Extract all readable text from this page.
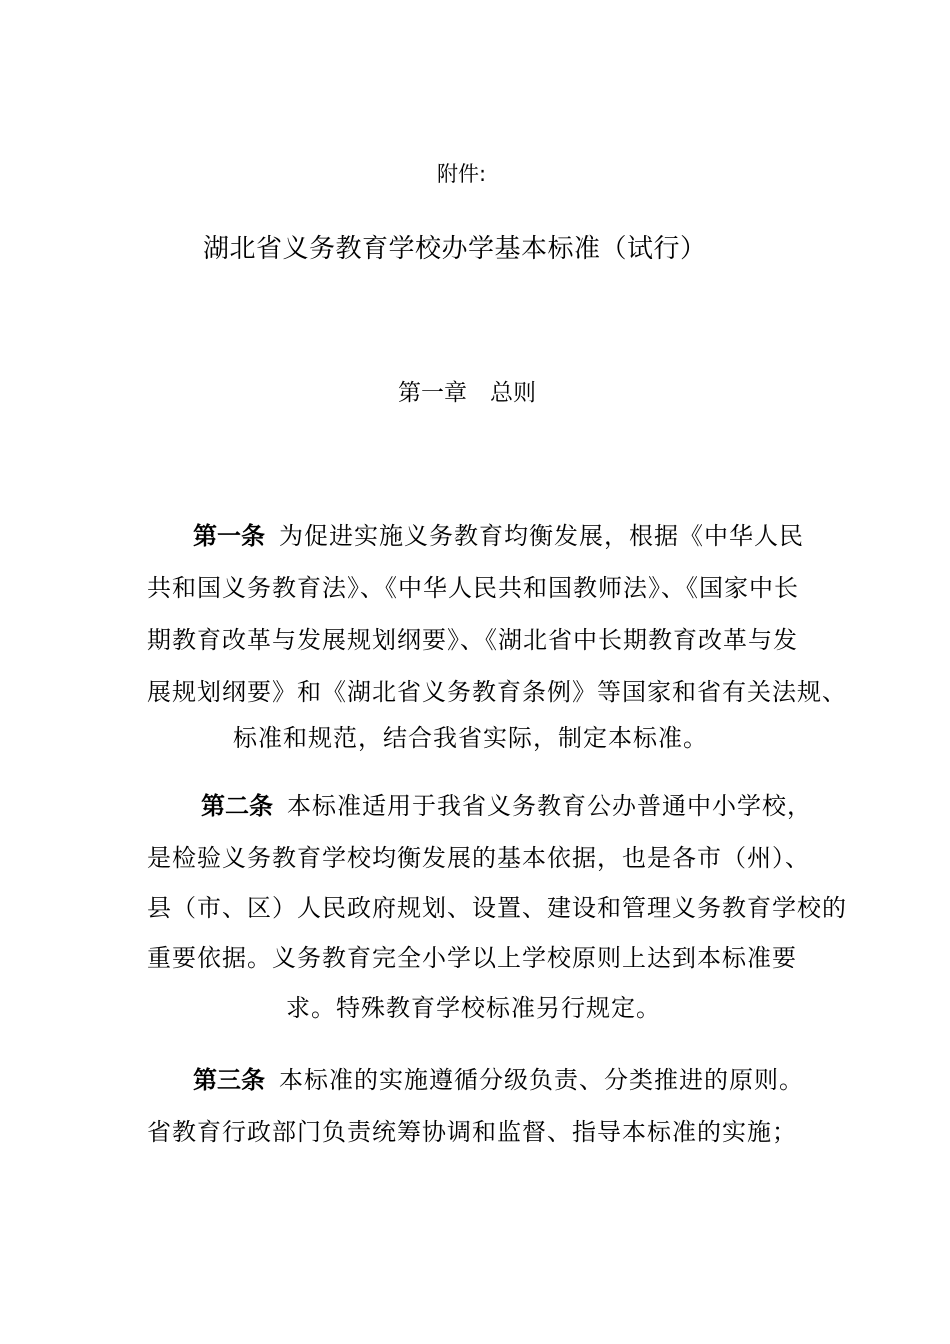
附件:
湖北省义务教育学校办学基本标准（试行）
第一章　总则
第一条 为促进实施义务教育均衡发展，根据《中华人民
共和国义务教育法》、《中华人民共和国教师法》、《国家中长
期教育改革与发展规划纲要》、《湖北省中长期教育改革与发
展规划纲要》和《湖北省义务教育条例》等国家和省有关法规、
标准和规范，结合我省实际，制定本标准。
第二条 本标准适用于我省义务教育公办普通中小学校，
是检验义务教育学校均衡发展的基本依据，也是各市（州）、
县（市、区）人民政府规划、设置、建设和管理义务教育学校的
重要依据。义务教育完全小学以上学校原则上达到本标准要
求。特殊教育学校标准另行规定。
第三条 本标准的实施遵循分级负责、分类推进的原则。
省教育行政部门负责统筹协调和监督、指导本标准的实施；
